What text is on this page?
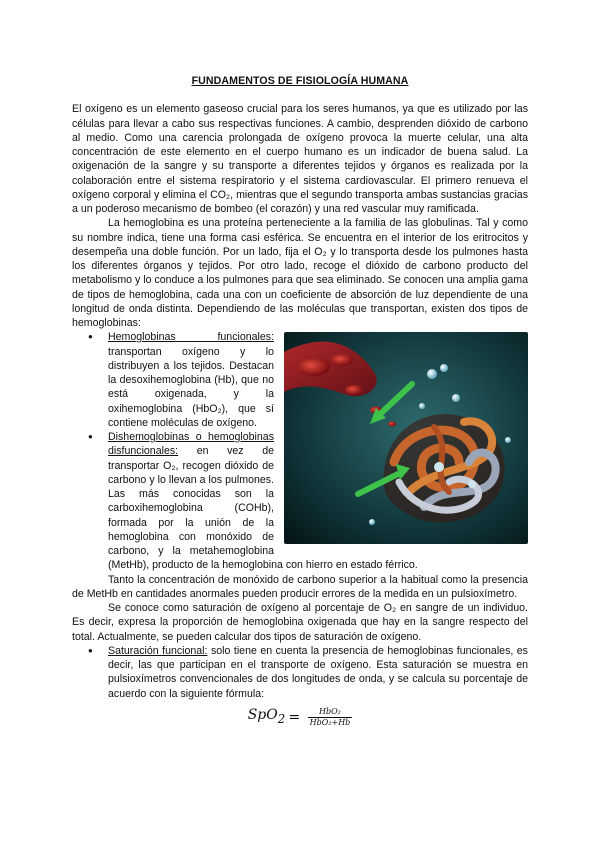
FUNDAMENTOS DE FISIOLOGÍA HUMANA

El oxígeno es un elemento gaseoso crucial para los seres humanos, ya que es utilizado por las células para llevar a cabo sus respectivas funciones. A cambio, desprenden dióxido de carbono al medio. Como una carencia prolongada de oxígeno provoca la muerte celular, una alta concentración de este elemento en el cuerpo humano es un indicador de buena salud. La oxigenación de la sangre y su transporte a diferentes tejidos y órganos es realizada por la colaboración entre el sistema respiratorio y el sistema cardiovascular. El primero renueva el oxígeno corporal y elimina el CO₂, mientras que el segundo transporta ambas sustancias gracias a un poderoso mecanismo de bombeo (el corazón) y una red vascular muy ramificada.

La hemoglobina es una proteína perteneciente a la familia de las globulinas. Tal y como su nombre indica, tiene una forma casi esférica. Se encuentra en el interior de los eritrocitos y desempeña una doble función. Por un lado, fija el O₂ y lo transporta desde los pulmones hasta los diferentes órganos y tejidos. Por otro lado, recoge el dióxido de carbono producto del metabolismo y lo conduce a los pulmones para que sea eliminado. Se conocen una amplia gama de tipos de hemoglobina, cada una con un coeficiente de absorción de luz dependiente de una longitud de onda distinta. Dependiendo de las moléculas que transportan, existen dos tipos de hemoglobinas:

● Hemoglobinas funcionales: transportan oxígeno y lo distribuyen a los tejidos. Destacan la desoxihemoglobina (Hb), que no está oxigenada, y la oxihemoglobina (HbO₂), que sí contiene moléculas de oxígeno.
● Dishemoglobinas o hemoglobinas disfuncionales: en vez de transportar O₂, recogen dióxido de carbono y lo llevan a los pulmones. Las más conocidas son la carboxihemoglobina (COHb), formada por la unión de la hemoglobina con monóxido de carbono, y la metahemoglobina (MetHb), producto de la hemoglobina con hierro en estado férrico.

Tanto la concentración de monóxido de carbono superior a la habitual como la presencia de MetHb en cantidades anormales pueden producir errores de la medida en un pulsioxímetro.

Se conoce como saturación de oxígeno al porcentaje de O₂ en sangre de un individuo. Es decir, expresa la proporción de hemoglobina oxigenada que hay en la sangre respecto del total. Actualmente, se pueden calcular dos tipos de saturación de oxígeno.

● Saturación funcional: solo tiene en cuenta la presencia de hemoglobinas funcionales, es decir, las que participan en el transporte de oxígeno. Esta saturación se muestra en pulsioxímetros convencionales de dos longitudes de onda, y se calcula su porcentaje de acuerdo con la siguiente fórmula:
$SpO_2 = \frac{\text{HbO₂}}{\text{HbO₂+Hb}}$
